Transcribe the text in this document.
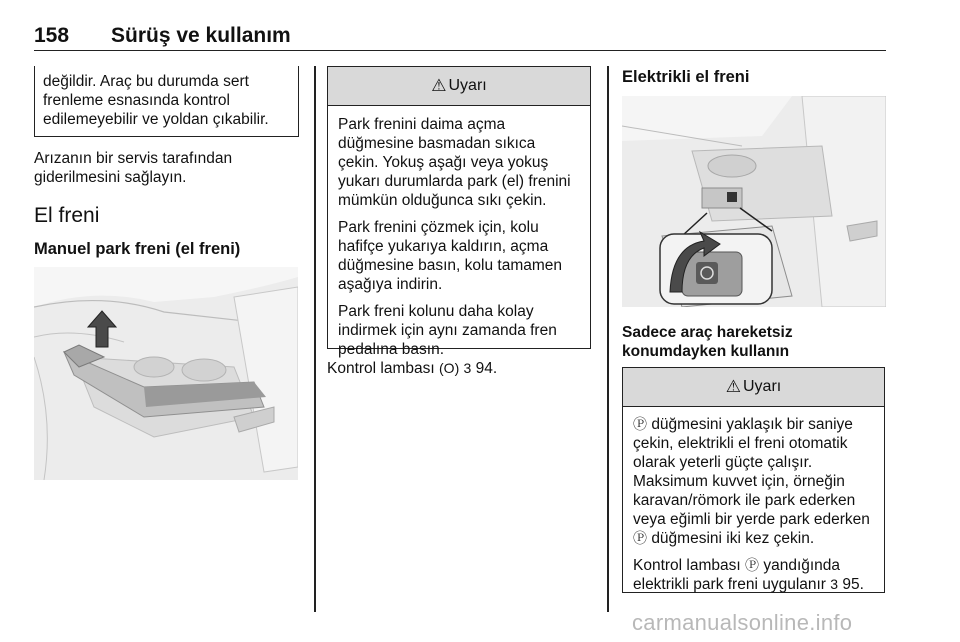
158 Sürüş ve kullanım

değildir. Araç bu durumda sert frenleme esnasında kontrol edilemeyebilir ve yoldan çıkabilir.

Arızanın bir servis tarafından giderilmesini sağlayın.

El freni
Manuel park freni (el freni)
⚠ Uyarı

Park frenini daima açma düğmesine basmadan sıkıca çekin. Yokuş aşağı veya yokuş yukarı durumlarda park (el) frenini mümkün olduğunca sıkı çekin.

Park frenini çözmek için, kolu hafifçe yukarıya kaldırın, açma düğmesine basın, kolu tamamen aşağıya indirin.

Park freni kolunu daha kolay indirmek için aynı zamanda fren pedalına basın.

Kontrol lambası (O) 3 94.

Elektrikli el freni
Sadece araç hareketsiz konumdayken kullanın
⚠ Uyarı

Ⓟ düğmesini yaklaşık bir saniye çekin, elektrikli el freni otomatik olarak yeterli güçte çalışır.

Maksimum kuvvet için, örneğin karavan/römork ile park ederken veya eğimli bir yerde park ederken Ⓟ düğmesini iki kez çekin.

Kontrol lambası Ⓟ yandığında elektrikli park freni uygulanır 3 95.

carmanualsonline.info
